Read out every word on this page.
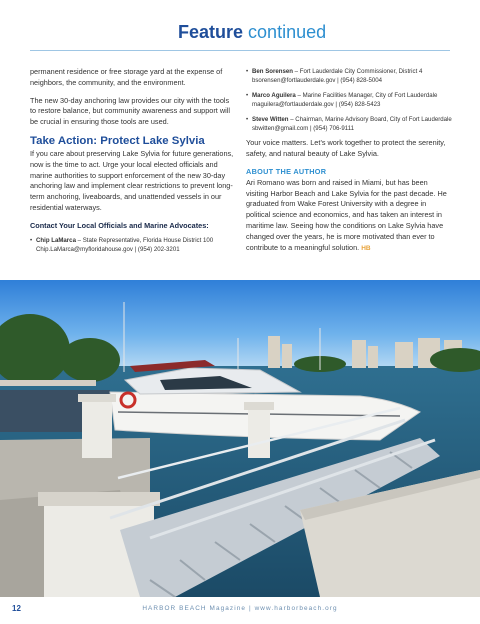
Feature continued

permanent residence or free storage yard at the expense of neighbors, the community, and the environment.

The new 30-day anchoring law provides our city with the tools to restore balance, but community awareness and support will be crucial in ensuring those tools are used.

Take Action: Protect Lake Sylvia

If you care about preserving Lake Sylvia for future generations, now is the time to act. Urge your local elected officials and marine authorities to support enforcement of the new 30-day anchoring law and implement clear restrictions to prevent long-term anchoring, liveaboards, and unattended vessels in our residential waterways.

Contact Your Local Officials and Marine Advocates:
• Chip LaMarca – State Representative, Florida House District 100
Chip.LaMarca@myfloridahouse.gov | (954) 202-3201
• Ben Sorensen – Fort Lauderdale City Commissioner, District 4
bsorensen@fortlauderdale.gov | (954) 828-5004
• Marco Aguilera – Marine Facilities Manager, City of Fort Lauderdale
maguilera@fortlauderdale.gov | (954) 828-5423
• Steve Witten – Chairman, Marine Advisory Board, City of Fort Lauderdale
sbwitten@gmail.com | (954) 706-9111

Your voice matters. Let’s work together to protect the serenity, safety, and natural beauty of Lake Sylvia.

ABOUT THE AUTHOR

Ari Romano was born and raised in Miami, but has been visiting Harbor Beach and Lake Sylvia for the past decade. He graduated from Wake Forest University with a degree in political science and economics, and has taken an interest in maritime law. Seeing how the conditions on Lake Sylvia have changed over the years, he is more motivated than ever to contribute to a meaningful solution. HB

12	HARBOR BEACH Magazine | www.harborbeach.org
